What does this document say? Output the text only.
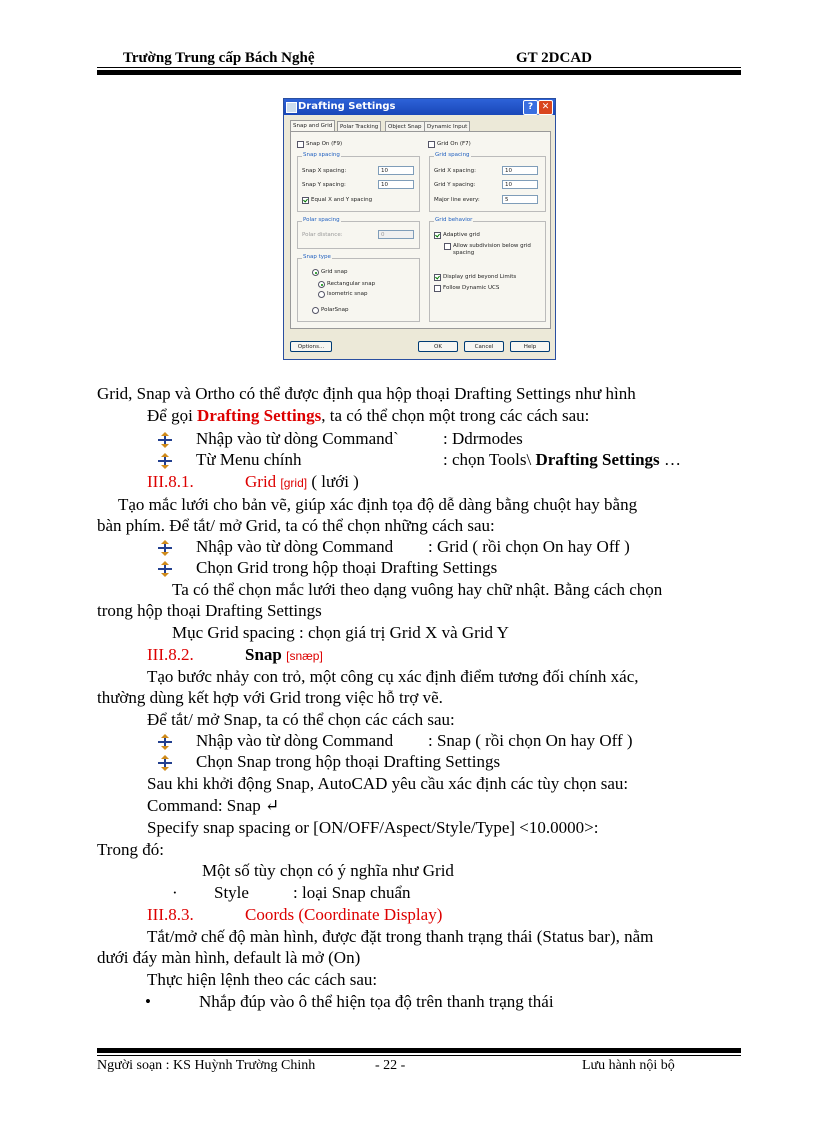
Trường Trung cấp Bách Nghệ	GT 2DCAD
Drafting Settings	? ✕
Snap and Grid	Polar Tracking	Object Snap	Dynamic Input
Snap On (F9)	Grid On (F7)
Snap spacing
Snap X spacing:	10
Snap Y spacing:	10
Equal X and Y spacing
Polar spacing
Polar distance:	0
Snap type
Grid snap
Rectangular snap
Isometric snap
PolarSnap
Grid spacing
Grid X spacing:	10
Grid Y spacing:	10
Major line every:	5
Grid behavior
Adaptive grid
Allow subdivision below grid spacing
Display grid beyond Limits
Follow Dynamic UCS
Options...	OK	Cancel	Help
Grid, Snap và Ortho có thể được định qua hộp thoại Drafting Settings như hình
Để gọi Drafting Settings, ta có thể chọn một trong các cách sau:
Nhập vào từ dòng Command`	: Ddrmodes
Từ Menu chính	: chọn Tools\ Drafting Settings …
III.8.1.	Grid [grid] ( lưới )
Tạo mắc lưới cho bản vẽ, giúp xác định tọa độ dễ dàng bằng chuột hay bằng
bàn phím. Để tắt/ mở Grid, ta có thể chọn những cách sau:
Nhập vào từ dòng Command : Grid ( rồi chọn On hay Off )
Chọn Grid trong hộp thoại Drafting Settings
Ta có thể chọn mắc lưới theo dạng vuông hay chữ nhật. Bằng cách chọn
trong hộp thoại Drafting Settings
Mục Grid spacing : chọn giá trị Grid X và Grid Y
III.8.2.	Snap [snæp]
Tạo bước nhảy con trỏ, một công cụ xác định điểm tương đối chính xác,
thường dùng kết hợp với Grid trong việc hỗ trợ vẽ.
Để tắt/ mở Snap, ta có thể chọn các cách sau:
Nhập vào từ dòng Command : Snap ( rồi chọn On hay Off )
Chọn Snap trong hộp thoại Drafting Settings
Sau khi khởi động Snap, AutoCAD yêu cầu xác định các tùy chọn sau:
Command: Snap ↵
Specify snap spacing or [ON/OFF/Aspect/Style/Type] <10.0000>:
Trong đó:
Một số tùy chọn có ý nghĩa như Grid
· Style	: loại Snap chuẩn
III.8.3.	Coords (Coordinate Display)
Tắt/mở chế độ màn hình, được đặt trong thanh trạng thái (Status bar), nằm
dưới đáy màn hình, default là mở (On)
Thực hiện lệnh theo các cách sau:
•	Nhắp đúp vào ô thể hiện tọa độ trên thanh trạng thái
Người soạn : KS Huỳnh Trường Chinh	- 22 -	Lưu hành nội bộ
